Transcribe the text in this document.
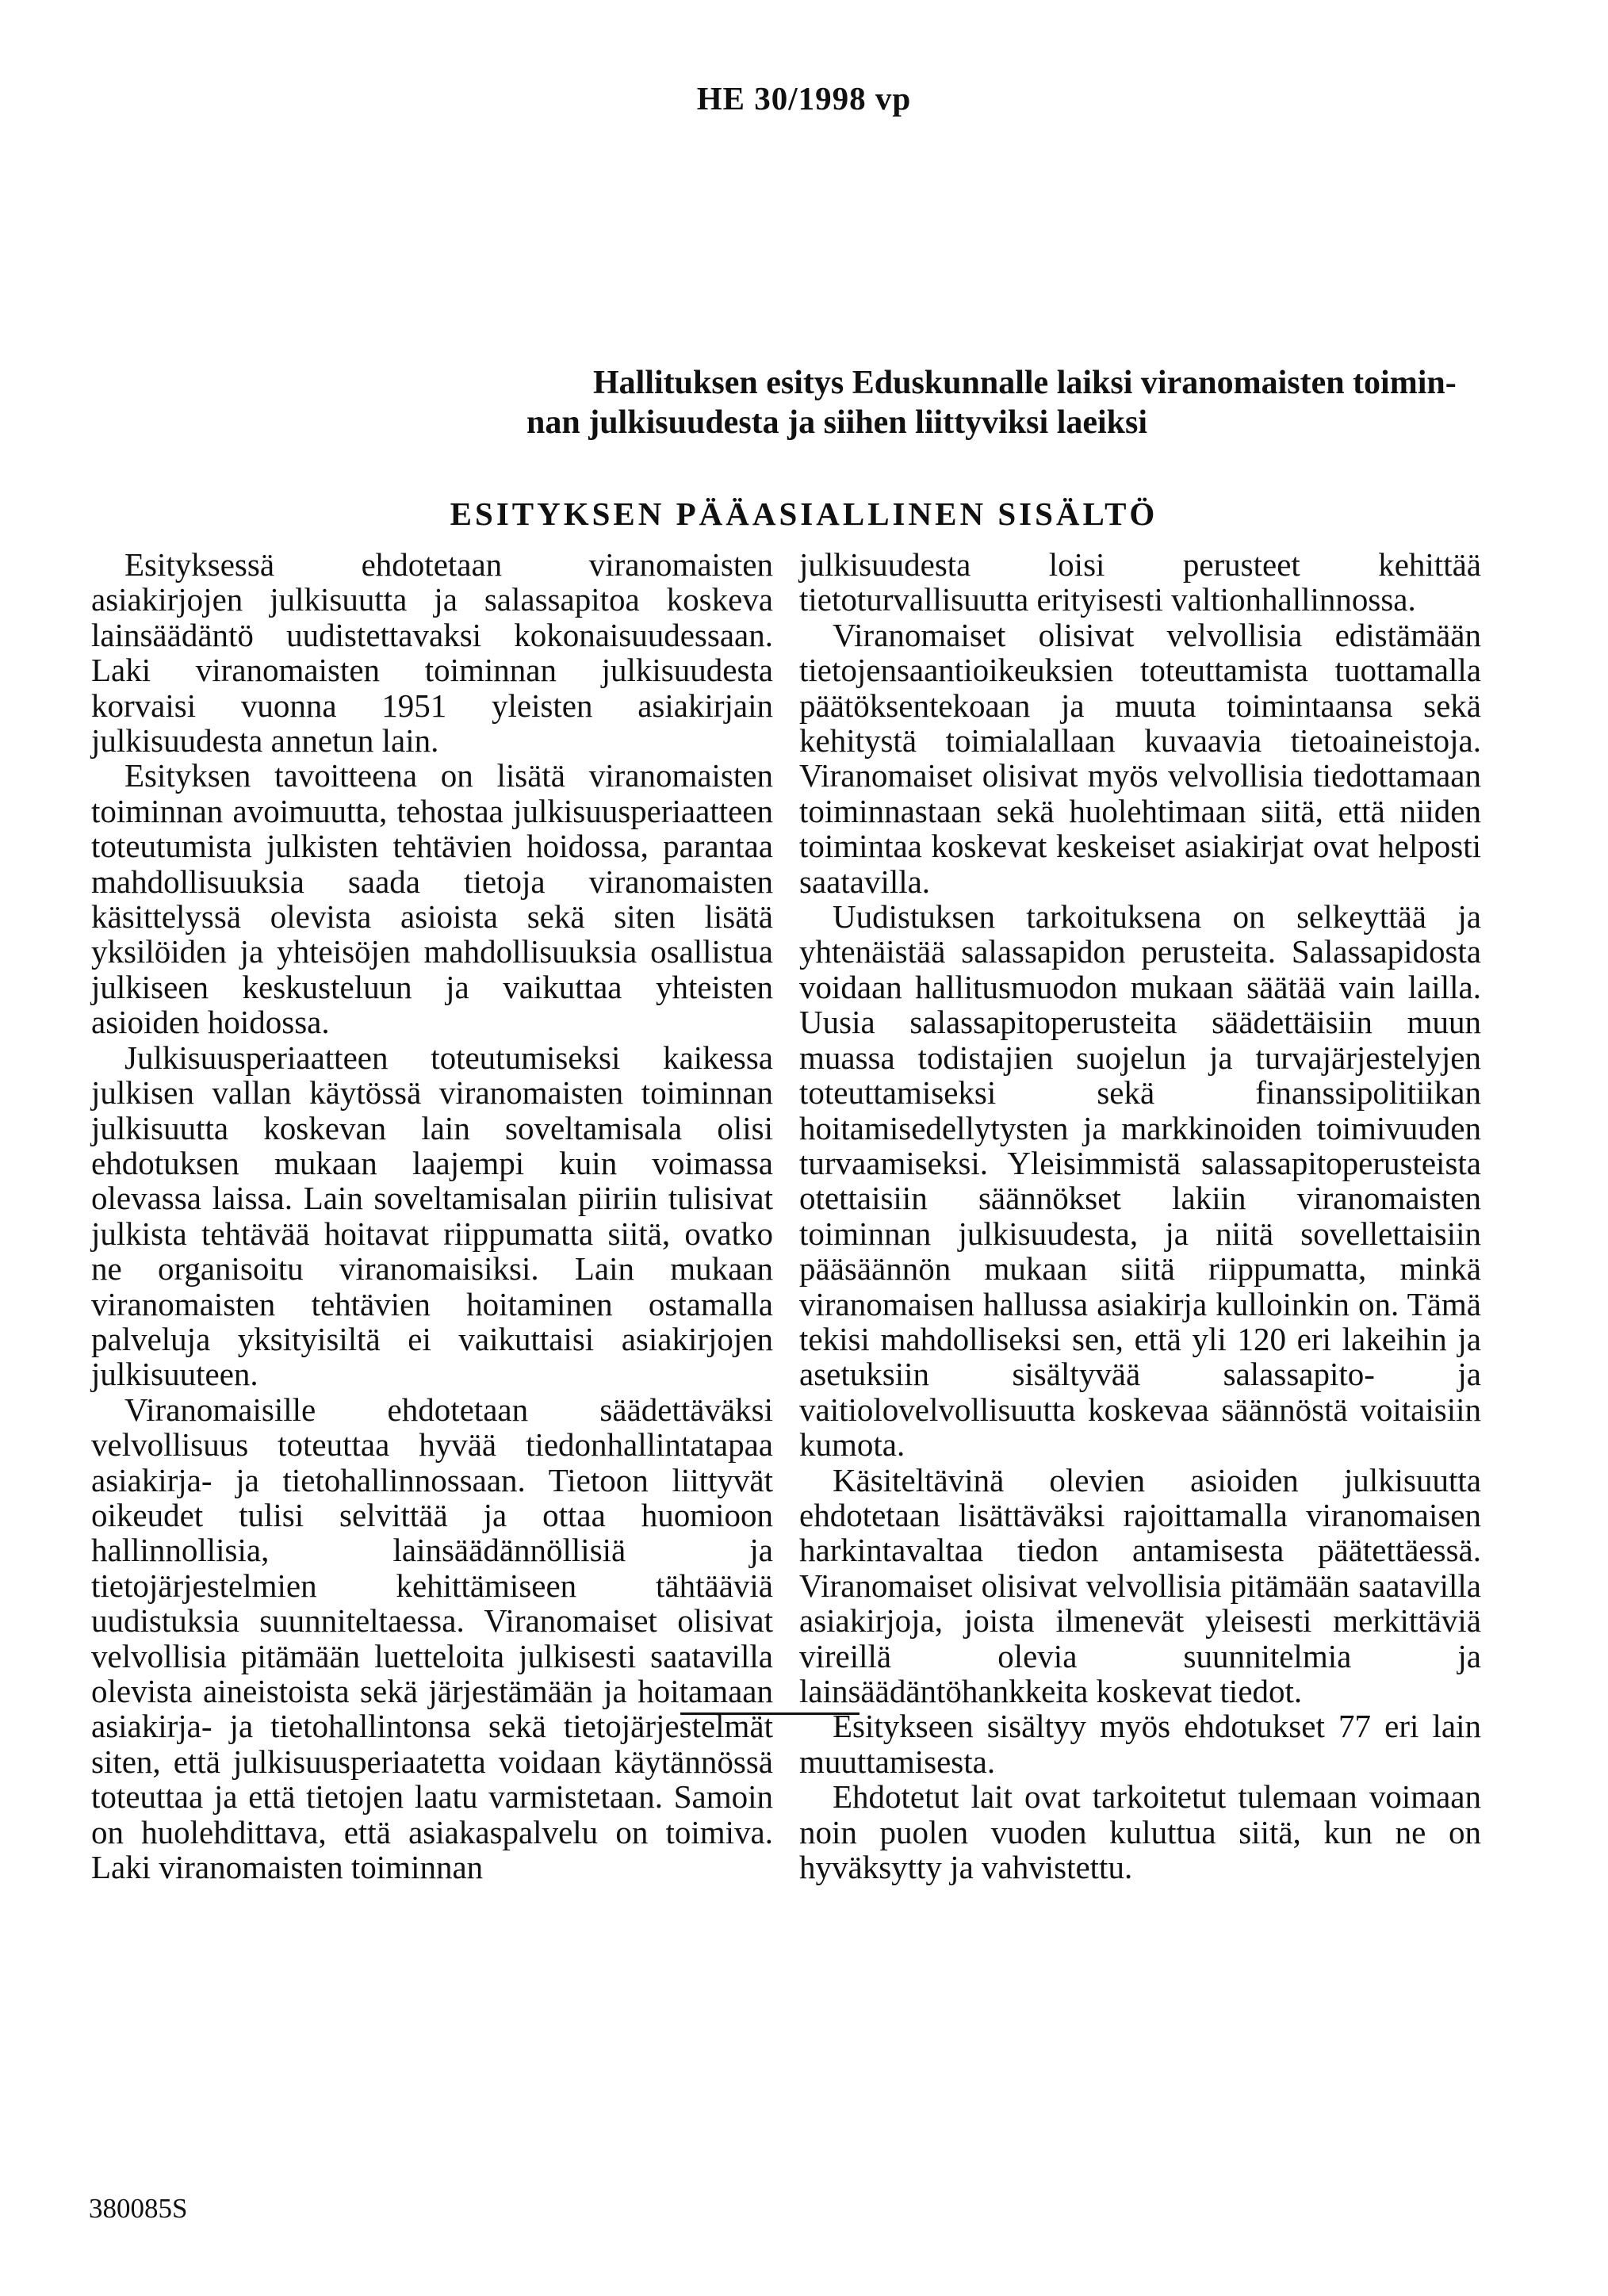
HE 30/1998 vp
Hallituksen esitys Eduskunnalle laiksi viranomaisten toimin-
nan julkisuudesta ja siihen liittyviksi laeiksi
ESITYKSEN PÄÄASIALLINEN SISÄLTÖ

Esityksessä ehdotetaan viranomaisten asiakirjojen julkisuutta ja salassapitoa koskeva lainsäädäntö uudistettavaksi kokonaisuudessaan. Laki viranomaisten toiminnan julkisuudesta korvaisi vuonna 1951 yleisten asiakirjain julkisuudesta annetun lain.

Esityksen tavoitteena on lisätä viranomaisten toiminnan avoimuutta, tehostaa julkisuusperiaatteen toteutumista julkisten tehtävien hoidossa, parantaa mahdollisuuksia saada tietoja viranomaisten käsittelyssä olevista asioista sekä siten lisätä yksilöiden ja yhteisöjen mahdollisuuksia osallistua julkiseen keskusteluun ja vaikuttaa yhteisten asioiden hoidossa.

Julkisuusperiaatteen toteutumiseksi kaikessa julkisen vallan käytössä viranomaisten toiminnan julkisuutta koskevan lain soveltamisala olisi ehdotuksen mukaan laajempi kuin voimassa olevassa laissa. Lain soveltamisalan piiriin tulisivat julkista tehtävää hoitavat riippumatta siitä, ovatko ne organisoitu viranomaisiksi. Lain mukaan viranomaisten tehtävien hoitaminen ostamalla palveluja yksityisiltä ei vaikuttaisi asiakirjojen julkisuuteen.

Viranomaisille ehdotetaan säädettäväksi velvollisuus toteuttaa hyvää tiedonhallintatapaa asiakirja- ja tietohallinnossaan. Tietoon liittyvät oikeudet tulisi selvittää ja ottaa huomioon hallinnollisia, lainsäädännöllisiä ja tietojärjestelmien kehittämiseen tähtääviä uudistuksia suunniteltaessa. Viranomaiset olisivat velvollisia pitämään luetteloita julkisesti saatavilla olevista aineistoista sekä järjestämään ja hoitamaan asiakirja- ja tietohallintonsa sekä tietojärjestelmät siten, että julkisuusperiaatetta voidaan käytännössä toteuttaa ja että tietojen laatu varmistetaan. Samoin on huolehdittava, että asiakaspalvelu on toimiva. Laki viranomaisten toiminnan

julkisuudesta loisi perusteet kehittää tietoturvallisuutta erityisesti valtionhallinnossa.

Viranomaiset olisivat velvollisia edistämään tietojensaantioikeuksien toteuttamista tuottamalla päätöksentekoaan ja muuta toimintaansa sekä kehitystä toimialallaan kuvaavia tietoaineistoja. Viranomaiset olisivat myös velvollisia tiedottamaan toiminnastaan sekä huolehtimaan siitä, että niiden toimintaa koskevat keskeiset asiakirjat ovat helposti saatavilla.

Uudistuksen tarkoituksena on selkeyttää ja yhtenäistää salassapidon perusteita. Salassapidosta voidaan hallitusmuodon mukaan säätää vain lailla. Uusia salassapitoperusteita säädettäisiin muun muassa todistajien suojelun ja turvajärjestelyjen toteuttamiseksi sekä finanssipolitiikan hoitamisedellytysten ja markkinoiden toimivuuden turvaamiseksi. Yleisimmistä salassapitoperusteista otettaisiin säännökset lakiin viranomaisten toiminnan julkisuudesta, ja niitä sovellettaisiin pääsäännön mukaan siitä riippumatta, minkä viranomaisen hallussa asiakirja kulloinkin on. Tämä tekisi mahdolliseksi sen, että yli 120 eri lakeihin ja asetuksiin sisältyvää salassapito- ja vaitiolovelvollisuutta koskevaa säännöstä voitaisiin kumota.

Käsiteltävinä olevien asioiden julkisuutta ehdotetaan lisättäväksi rajoittamalla viranomaisen harkintavaltaa tiedon antamisesta päätettäessä. Viranomaiset olisivat velvollisia pitämään saatavilla asiakirjoja, joista ilmenevät yleisesti merkittäviä vireillä olevia suunnitelmia ja lainsäädäntöhankkeita koskevat tiedot.

Esitykseen sisältyy myös ehdotukset 77 eri lain muuttamisesta.

Ehdotetut lait ovat tarkoitetut tulemaan voimaan noin puolen vuoden kuluttua siitä, kun ne on hyväksytty ja vahvistettu.

380085S
